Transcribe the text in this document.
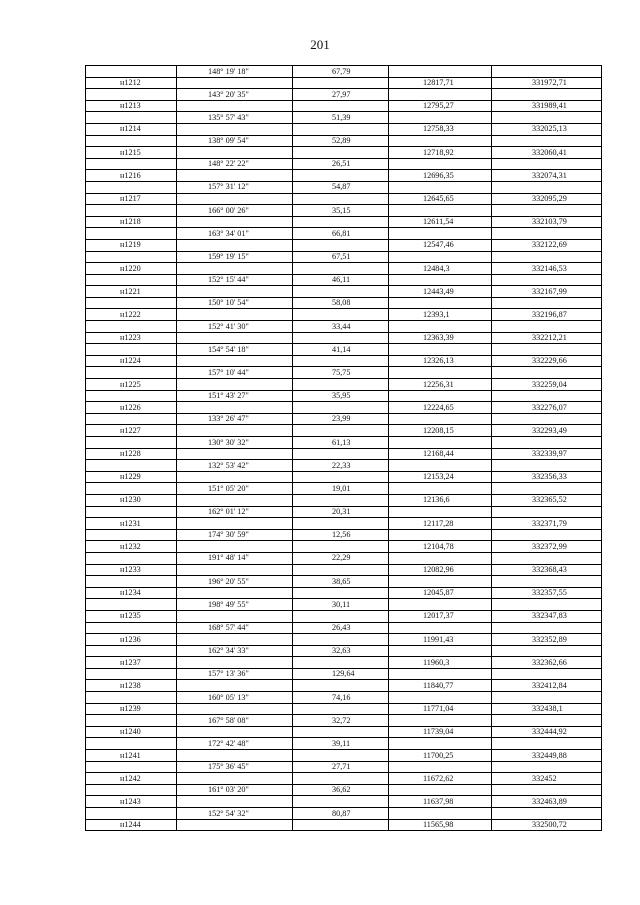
201
	148° 19' 18"	67,79		
н1212			12817,71	331972,71
	143° 20' 35"	27,97		
н1213			12795,27	331989,41
	135° 57' 43"	51,39		
н1214			12758,33	332025,13
	138° 09' 54"	52,89		
н1215			12718,92	332060,41
	148° 22' 22"	26,51		
н1216			12696,35	332074,31
	157° 31' 12"	54,87		
н1217			12645,65	332095,29
	166° 00' 26"	35,15		
н1218			12611,54	332103,79
	163° 34' 01"	66,81		
н1219			12547,46	332122,69
	159° 19' 15"	67,51		
н1220			12484,3	332146,53
	152° 15' 44"	46,11		
н1221			12443,49	332167,99
	150° 10' 54"	58,08		
н1222			12393,1	332196,87
	152° 41' 30"	33,44		
н1223			12363,39	332212,21
	154° 54' 18"	41,14		
н1224			12326,13	332229,66
	157° 10' 44"	75,75		
н1225			12256,31	332259,04
	151° 43' 27"	35,95		
н1226			12224,65	332276,07
	133° 26' 47"	23,99		
н1227			12208,15	332293,49
	130° 30' 32"	61,13		
н1228			12168,44	332339,97
	132° 53' 42"	22,33		
н1229			12153,24	332356,33
	151° 05' 20"	19,01		
н1230			12136,6	332365,52
	162° 01' 12"	20,31		
н1231			12117,28	332371,79
	174° 30' 59"	12,56		
н1232			12104,78	332372,99
	191° 48' 14"	22,29		
н1233			12082,96	332368,43
	196° 20' 55"	38,65		
н1234			12045,87	332357,55
	198° 49' 55"	30,11		
н1235			12017,37	332347,83
	168° 57' 44"	26,43		
н1236			11991,43	332352,89
	162° 34' 33"	32,63		
н1237			11960,3	332362,66
	157° 13' 36"	129,64		
н1238			11840,77	332412,84
	160° 05' 13"	74,16		
н1239			11771,04	332438,1
	167° 58' 08"	32,72		
н1240			11739,04	332444,92
	172° 42' 48"	39,11		
н1241			11700,25	332449,88
	175° 36' 45"	27,71		
н1242			11672,62	332452
	161° 03' 20"	36,62		
н1243			11637,98	332463,89
	152° 54' 32"	80,87		
н1244			11565,98	332500,72
